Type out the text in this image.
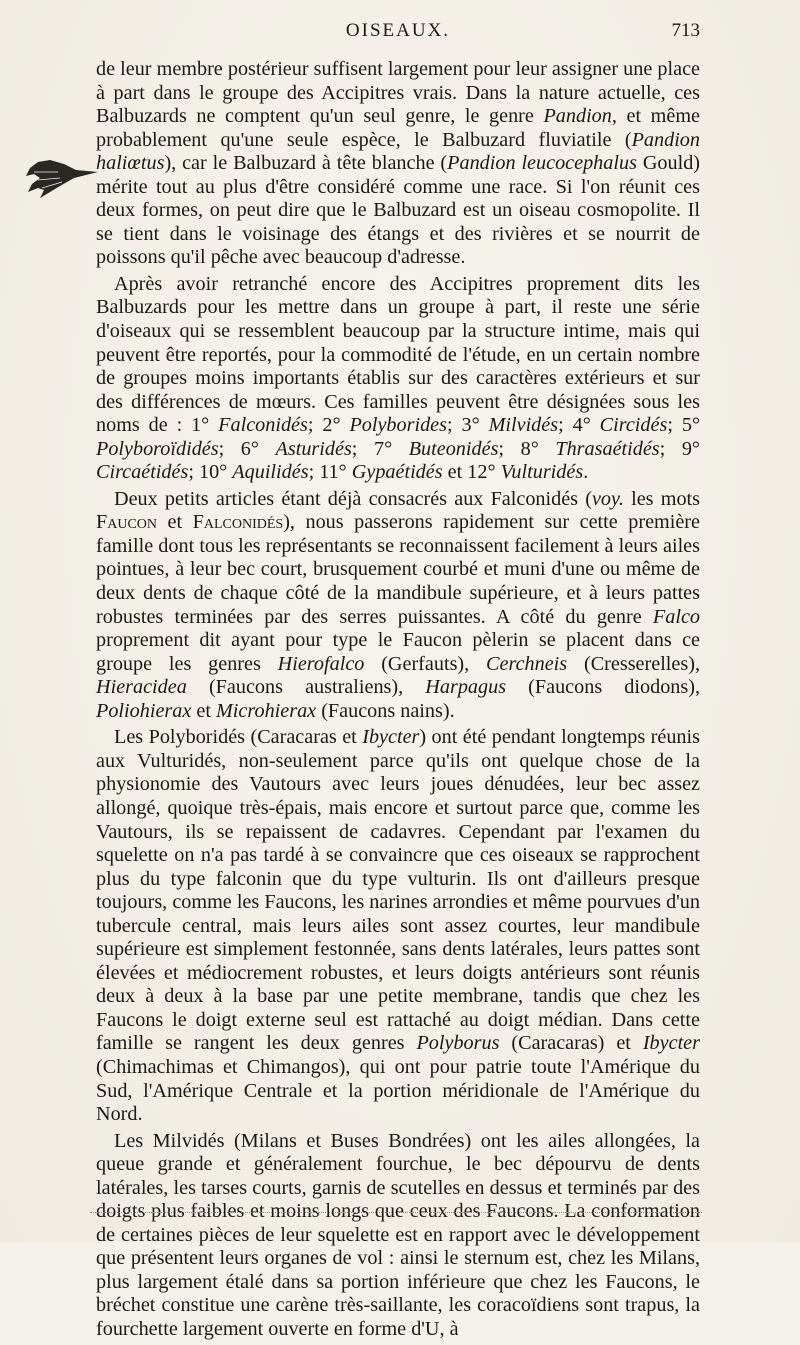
OISEAUX.	713

de leur membre postérieur suffisent largement pour leur assigner une place à part dans le groupe des Accipitres vrais. Dans la nature actuelle, ces Balbuzards ne comptent qu'un seul genre, le genre Pandion, et même probablement qu'une seule espèce, le Balbuzard fluviatile (Pandion haliœtus), car le Balbuzard à tête blanche (Pandion leucocephalus Gould) mérite tout au plus d'être considéré comme une race. Si l'on réunit ces deux formes, on peut dire que le Balbuzard est un oiseau cosmopolite. Il se tient dans le voisinage des étangs et des rivières et se nourrit de poissons qu'il pêche avec beaucoup d'adresse.

Après avoir retranché encore des Accipitres proprement dits les Balbuzards pour les mettre dans un groupe à part, il reste une série d'oiseaux qui se ressemblent beaucoup par la structure intime, mais qui peuvent être reportés, pour la commodité de l'étude, en un certain nombre de groupes moins importants établis sur des caractères extérieurs et sur des différences de mœurs. Ces familles peuvent être désignées sous les noms de : 1° Falconidés; 2° Polyborides; 3° Milvidés; 4° Circidés; 5° Polyboroïdidés; 6° Asturidés; 7° Buteonidés; 8° Thrasaétidés; 9° Circaétidés; 10° Aquilidés; 11° Gypaétidés et 12° Vulturidés.

Deux petits articles étant déjà consacrés aux Falconidés (voy. les mots Faucon et Falconidés), nous passerons rapidement sur cette première famille dont tous les représentants se reconnaissent facilement à leurs ailes pointues, à leur bec court, brusquement courbé et muni d'une ou même de deux dents de chaque côté de la mandibule supérieure, et à leurs pattes robustes terminées par des serres puissantes. A côté du genre Falco proprement dit ayant pour type le Faucon pèlerin se placent dans ce groupe les genres Hierofalco (Gerfauts), Cerchneis (Cresserelles), Hieracidea (Faucons australiens), Harpagus (Faucons diodons), Poliohierax et Microhierax (Faucons nains).

Les Polyboridés (Caracaras et Ibycter) ont été pendant longtemps réunis aux Vulturidés, non-seulement parce qu'ils ont quelque chose de la physionomie des Vautours avec leurs joues dénudées, leur bec assez allongé, quoique très-épais, mais encore et surtout parce que, comme les Vautours, ils se repaissent de cadavres. Cependant par l'examen du squelette on n'a pas tardé à se convaincre que ces oiseaux se rapprochent plus du type falconin que du type vulturin. Ils ont d'ailleurs presque toujours, comme les Faucons, les narines arrondies et même pourvues d'un tubercule central, mais leurs ailes sont assez courtes, leur mandibule supérieure est simplement festonnée, sans dents latérales, leurs pattes sont élevées et médiocrement robustes, et leurs doigts antérieurs sont réunis deux à deux à la base par une petite membrane, tandis que chez les Faucons le doigt externe seul est rattaché au doigt médian. Dans cette famille se rangent les deux genres Polyborus (Caracaras) et Ibycter (Chimachimas et Chimangos), qui ont pour patrie toute l'Amérique du Sud, l'Amérique Centrale et la portion méridionale de l'Amérique du Nord.

Les Milvidés (Milans et Buses Bondrées) ont les ailes allongées, la queue grande et généralement fourchue, le bec dépourvu de dents latérales, les tarses courts, garnis de scutelles en dessus et terminés par des doigts plus faibles et moins longs que ceux des Faucons. La conformation de certaines pièces de leur squelette est en rapport avec le développement que présentent leurs organes de vol : ainsi le sternum est, chez les Milans, plus largement étalé dans sa portion inférieure que chez les Faucons, le bréchet constitue une carène très-saillante, les coracoïdiens sont trapus, la fourchette largement ouverte en forme d'U, à
